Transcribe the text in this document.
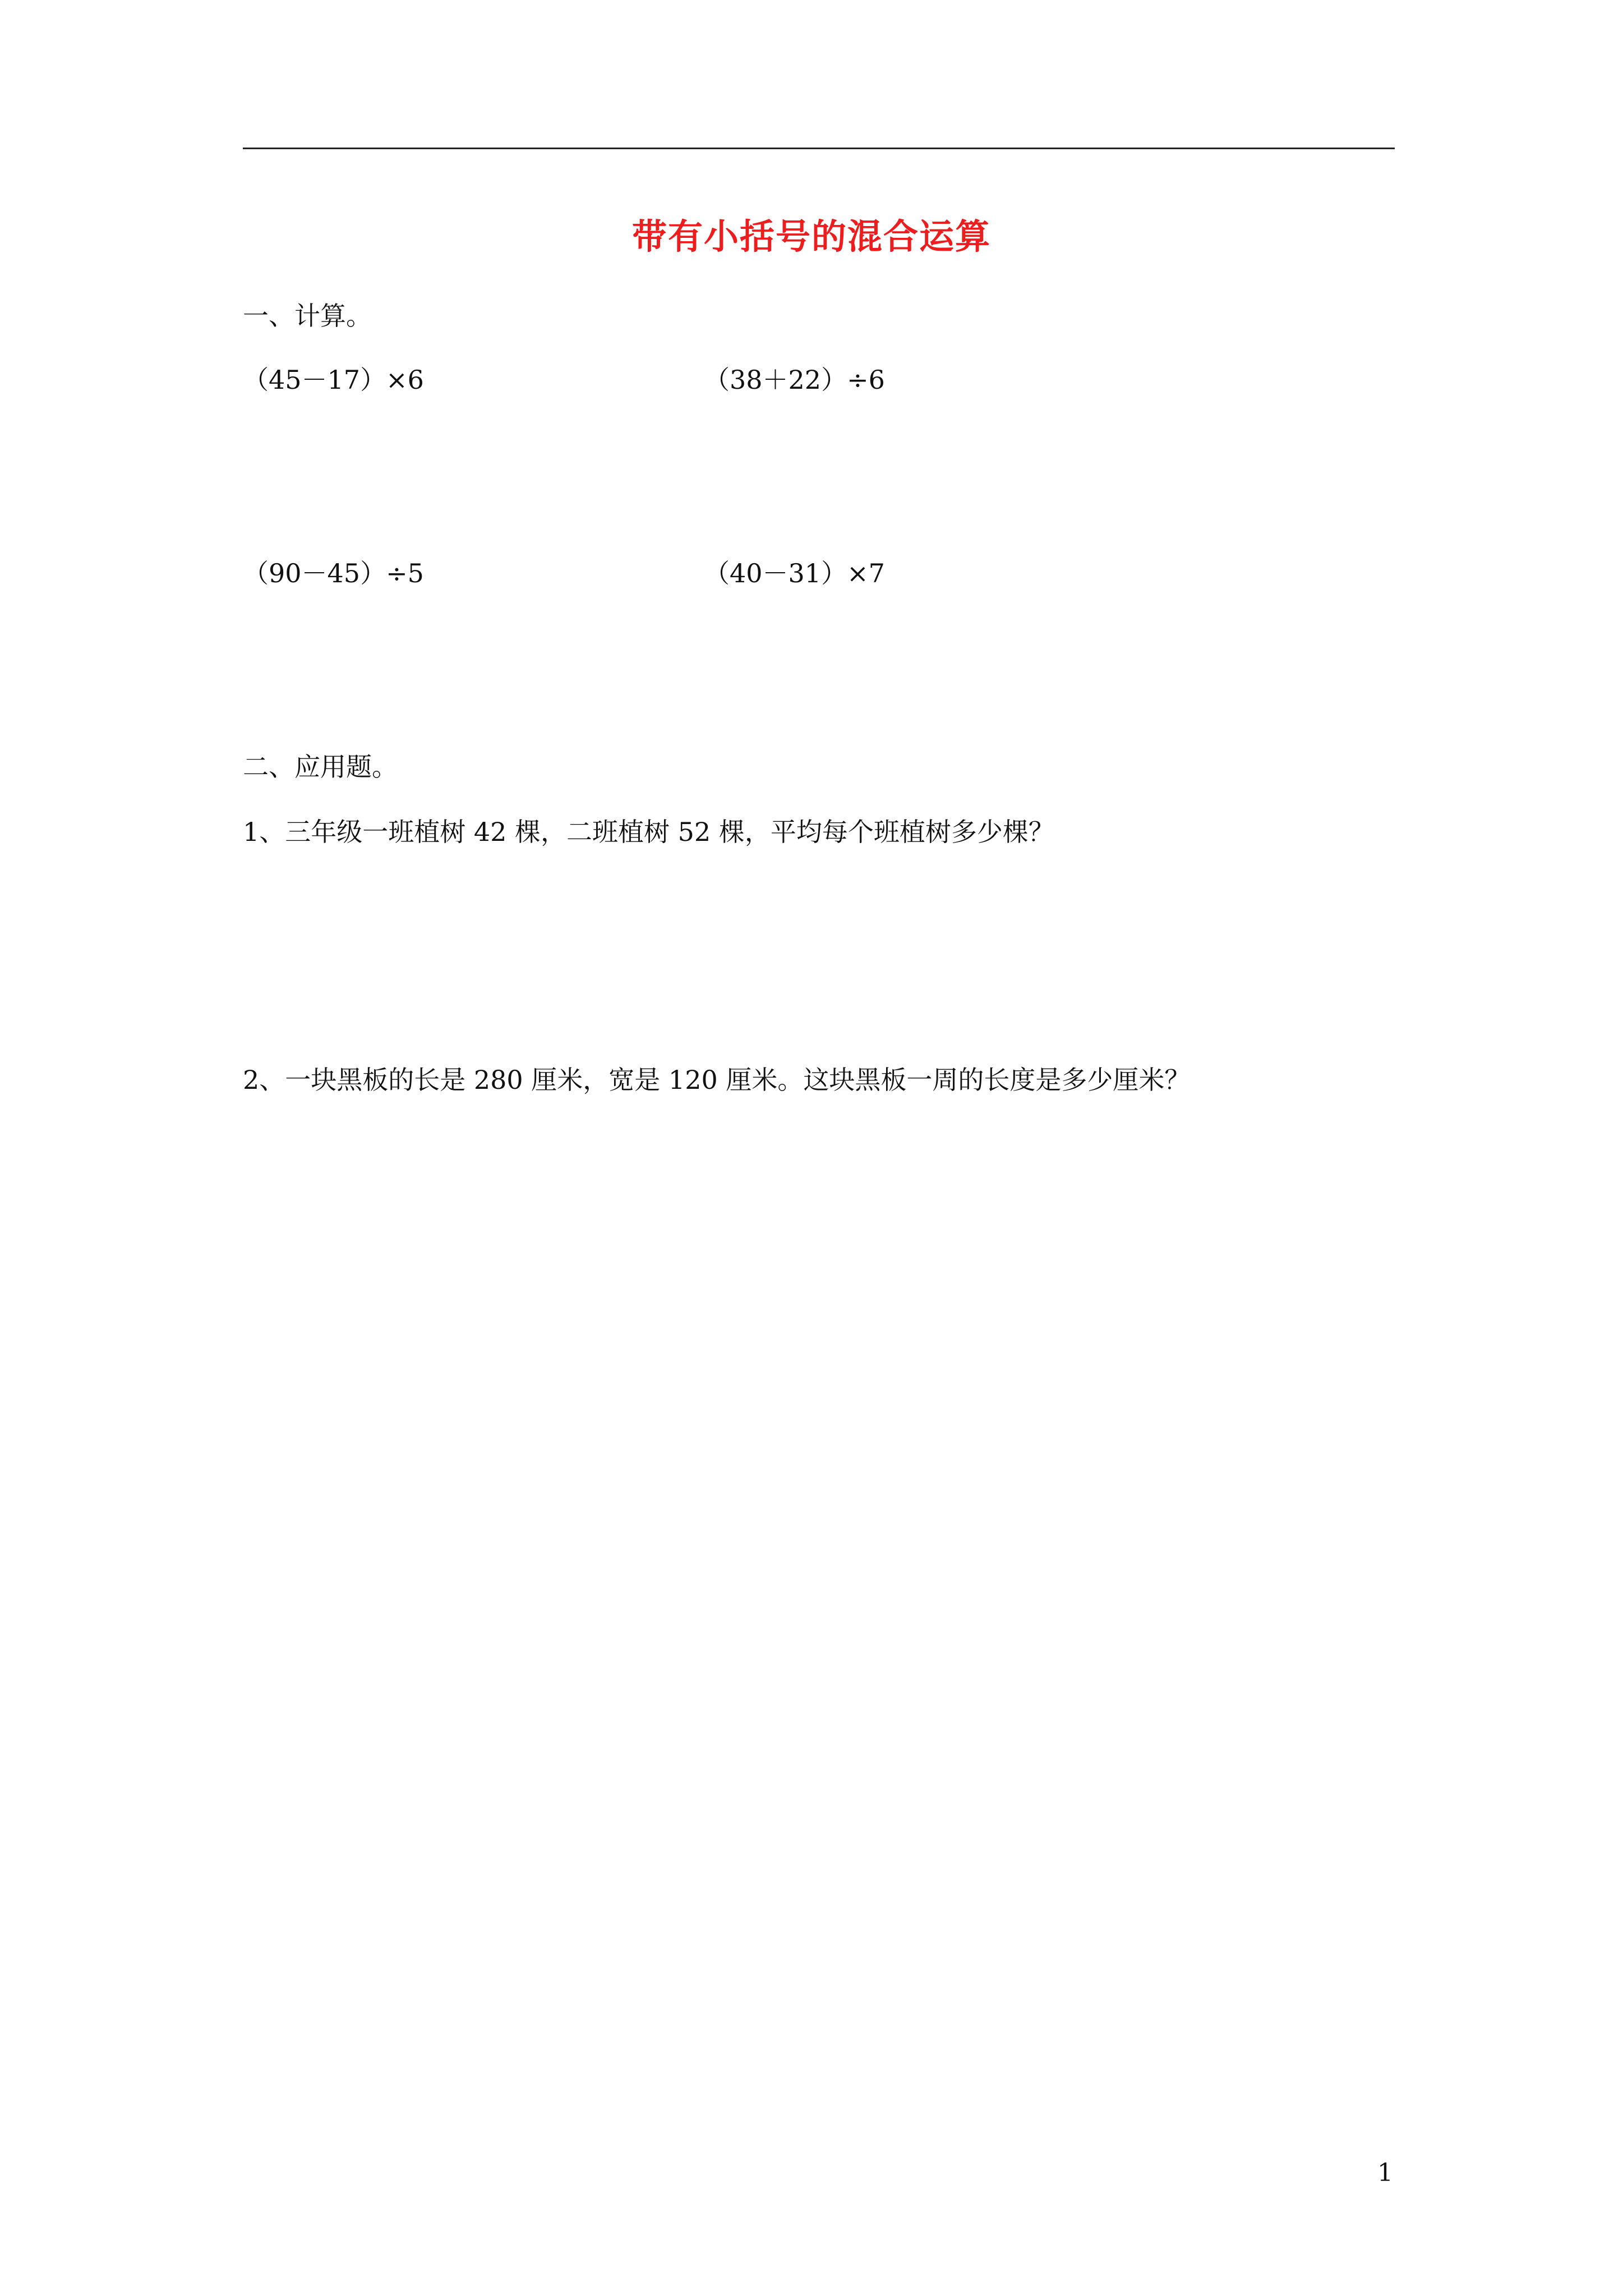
带有小括号的混合运算
一、计算。
（45－17）×6	（38＋22）÷6
（90－45）÷5	（40－31）×7
二、应用题。
1、三年级一班植树 42 棵，二班植树 52 棵，平均每个班植树多少棵？
2、一块黑板的长是 280 厘米，宽是 120 厘米。这块黑板一周的长度是多少厘米？
1
